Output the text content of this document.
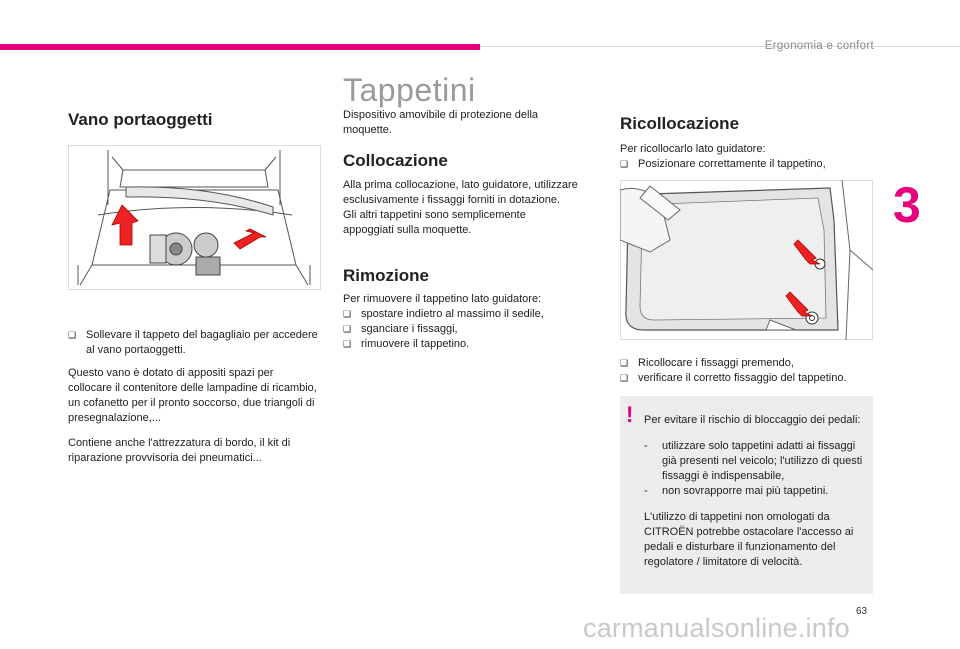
Ergonomia e confort
3
Vano portaoggetti
❑ Sollevare il tappeto del bagagliaio per accedere al vano portaoggetti.
Questo vano è dotato di appositi spazi per collocare il contenitore delle lampadine di ricambio, un cofanetto per il pronto soccorso, due triangoli di presegnalazione,...
Contiene anche l'attrezzatura di bordo, il kit di riparazione provvisoria dei pneumatici...
Tappetini
Dispositivo amovibile di protezione della moquette.
Collocazione

Alla prima collocazione, lato guidatore, utilizzare esclusivamente i fissaggi forniti in dotazione.

Gli altri tappetini sono semplicemente appoggiati sulla moquette.

Rimozione

Per rimuovere il tappetino lato guidatore:

❑ spostare indietro al massimo il sedile,
❑ sganciare i fissaggi,
❑ rimuovere il tappetino.
Ricollocazione

Per ricollocarlo lato guidatore:

❑ Posizionare correttamente il tappetino,
❑ Ricollocare i fissaggi premendo,
❑ verificare il corretto fissaggio del tappetino.
! Per evitare il rischio di bloccaggio dei pedali:

- utilizzare solo tappetini adatti ai fissaggi già presenti nel veicolo; l'utilizzo di questi fissaggi è indispensabile,
- non sovrapporre mai più tappetini.

L'utilizzo di tappetini non omologati da CITROËN potrebbe ostacolare l'accesso ai pedali e disturbare il funzionamento del regolatore / limitatore di velocità.

63
carmanualsonline.info
